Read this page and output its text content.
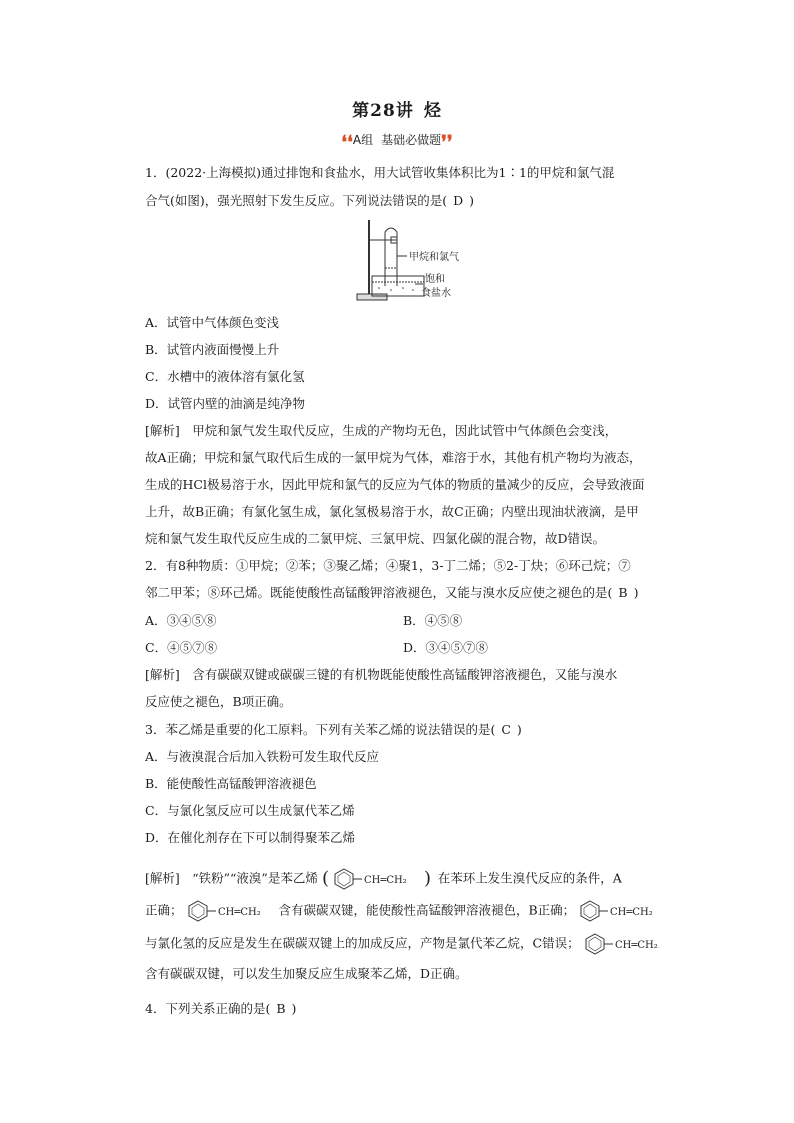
第28讲 烃
❛❛A组 基础必做题❜❜
1．(2022·上海模拟)通过排饱和食盐水，用大试管收集体积比为1∶1的甲烷和氯气混
合气(如图)，强光照射下发生反应。下列说法错误的是( D )
甲烷和氯气
饱和
食盐水
A．试管中气体颜色变浅
B．试管内液面慢慢上升
C．水槽中的液体溶有氯化氢
D．试管内壁的油滴是纯净物
[解析]　甲烷和氯气发生取代反应，生成的产物均无色，因此试管中气体颜色会变浅，
故A正确；甲烷和氯气取代后生成的一氯甲烷为气体，难溶于水，其他有机产物均为液态，
生成的HCl极易溶于水，因此甲烷和氯气的反应为气体的物质的量减少的反应，会导致液面
上升，故B正确；有氯化氢生成，氯化氢极易溶于水，故C正确；内壁出现油状液滴，是甲
烷和氯气发生取代反应生成的二氯甲烷、三氯甲烷、四氯化碳的混合物，故D错误。
2．有8种物质：①甲烷；②苯；③聚乙烯；④聚1，3-丁二烯；⑤2-丁炔；⑥环己烷；⑦
邻二甲苯；⑧环己烯。既能使酸性高锰酸钾溶液褪色，又能与溴水反应使之褪色的是( B )
A．③④⑤⑧	B．④⑤⑧
C．④⑤⑦⑧	D．③④⑤⑦⑧
[解析]　含有碳碳双键或碳碳三键的有机物既能使酸性高锰酸钾溶液褪色，又能与溴水
反应使之褪色，B项正确。
3．苯乙烯是重要的化工原料。下列有关苯乙烯的说法错误的是( C )
A．与液溴混合后加入铁粉可发生取代反应
B．能使酸性高锰酸钾溶液褪色
C．与氯化氢反应可以生成氯代苯乙烯
D．在催化剂存在下可以制得聚苯乙烯
[解析]　“铁粉”“液溴”是苯乙烯 (	CH═CH₂ ) 在苯环上发生溴代反应的条件，A
正确；	CH═CH₂ 含有碳碳双键，能使酸性高锰酸钾溶液褪色，B正确；	CH═CH₂
与氯化氢的反应是发生在碳碳双键上的加成反应，产物是氯代苯乙烷，C错误；	CH═CH₂
含有碳碳双键，可以发生加聚反应生成聚苯乙烯，D正确。
4．下列关系正确的是( B )
